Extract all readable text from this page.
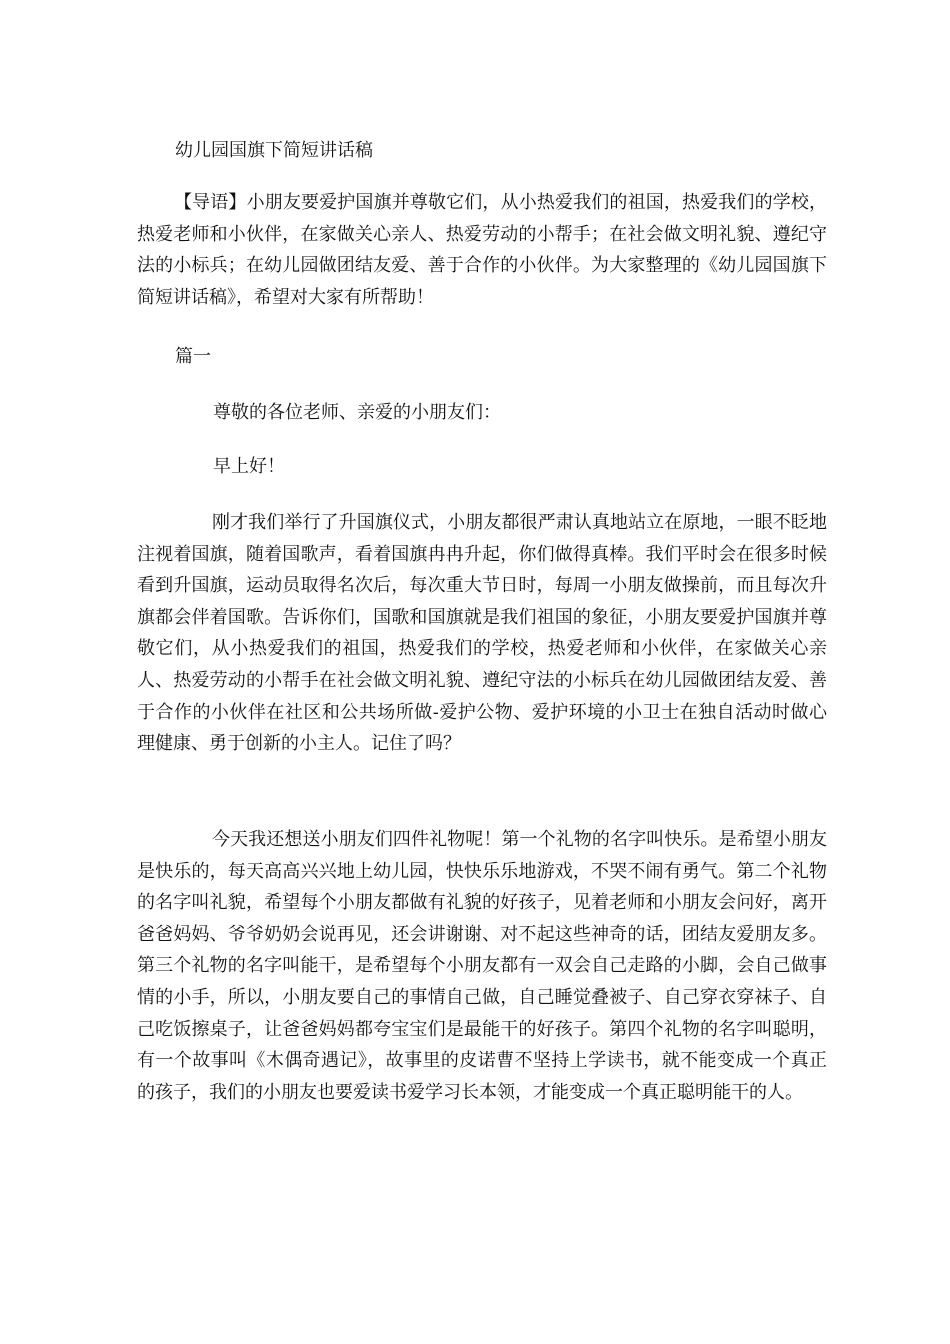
幼儿园国旗下简短讲话稿

【导语】小朋友要爱护国旗并尊敬它们，从小热爱我们的祖国，热爱我们的学校，热爱老师和小伙伴，在家做关心亲人、热爱劳动的小帮手；在社会做文明礼貌、遵纪守法的小标兵；在幼儿园做团结友爱、善于合作的小伙伴。为大家整理的《幼儿园国旗下简短讲话稿》，希望对大家有所帮助！

篇一
尊敬的各位老师、亲爱的小朋友们：
早上好！

刚才我们举行了升国旗仪式，小朋友都很严肃认真地站立在原地，一眼不眨地注视着国旗，随着国歌声，看着国旗冉冉升起，你们做得真棒。我们平时会在很多时候看到升国旗，运动员取得名次后，每次重大节日时，每周一小朋友做操前，而且每次升旗都会伴着国歌。告诉你们，国歌和国旗就是我们祖国的象征，小朋友要爱护国旗并尊敬它们，从小热爱我们的祖国，热爱我们的学校，热爱老师和小伙伴，在家做关心亲人、热爱劳动的小帮手在社会做文明礼貌、遵纪守法的小标兵在幼儿园做团结友爱、善于合作的小伙伴在社区和公共场所做-爱护公物、爱护环境的小卫士在独自活动时做心理健康、勇于创新的小主人。记住了吗？

今天我还想送小朋友们四件礼物呢！第一个礼物的名字叫快乐。是希望小朋友是快乐的，每天高高兴兴地上幼儿园，快快乐乐地游戏，不哭不闹有勇气。第二个礼物的名字叫礼貌，希望每个小朋友都做有礼貌的好孩子，见着老师和小朋友会问好，离开爸爸妈妈、爷爷奶奶会说再见，还会讲谢谢、对不起这些神奇的话，团结友爱朋友多。第三个礼物的名字叫能干，是希望每个小朋友都有一双会自己走路的小脚，会自己做事情的小手，所以，小朋友要自己的事情自己做，自己睡觉叠被子、自己穿衣穿袜子、自己吃饭擦桌子，让爸爸妈妈都夸宝宝们是最能干的好孩子。第四个礼物的名字叫聪明，有一个故事叫《木偶奇遇记》，故事里的皮诺曹不坚持上学读书，就不能变成一个真正的孩子，我们的小朋友也要爱读书爱学习长本领，才能变成一个真正聪明能干的人。
